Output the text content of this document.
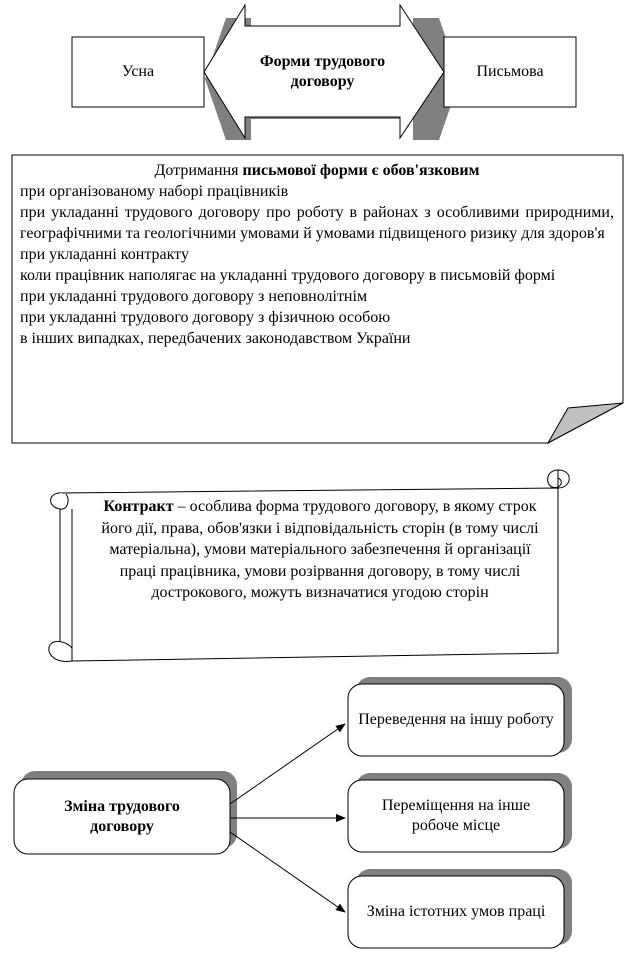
Усна
Форми трудового договору
Письмова
Дотримання письмової форми є обов'язковим
при організованому наборі працівників
при укладанні трудового договору про роботу в районах з особливими природними, географічними та геологічними умовами й умовами підвищеного ризику для здоров'я
при укладанні контракту
коли працівник наполягає на укладанні трудового договору в письмовій формі
при укладанні трудового договору з неповнолітнім
при укладанні трудового договору з фізичною особою
в інших випадках, передбачених законодавством України
Контракт – особлива форма трудового договору, в якому строк його дії, права, обов'язки і відповідальність сторін (в тому числі матеріальна), умови матеріального забезпечення й організації праці працівника, умови розірвання договору, в тому числі дострокового, можуть визначатися угодою сторін
Зміна трудового договору
Переведення на іншу роботу
Переміщення на інше робоче місце
Зміна істотних умов праці
